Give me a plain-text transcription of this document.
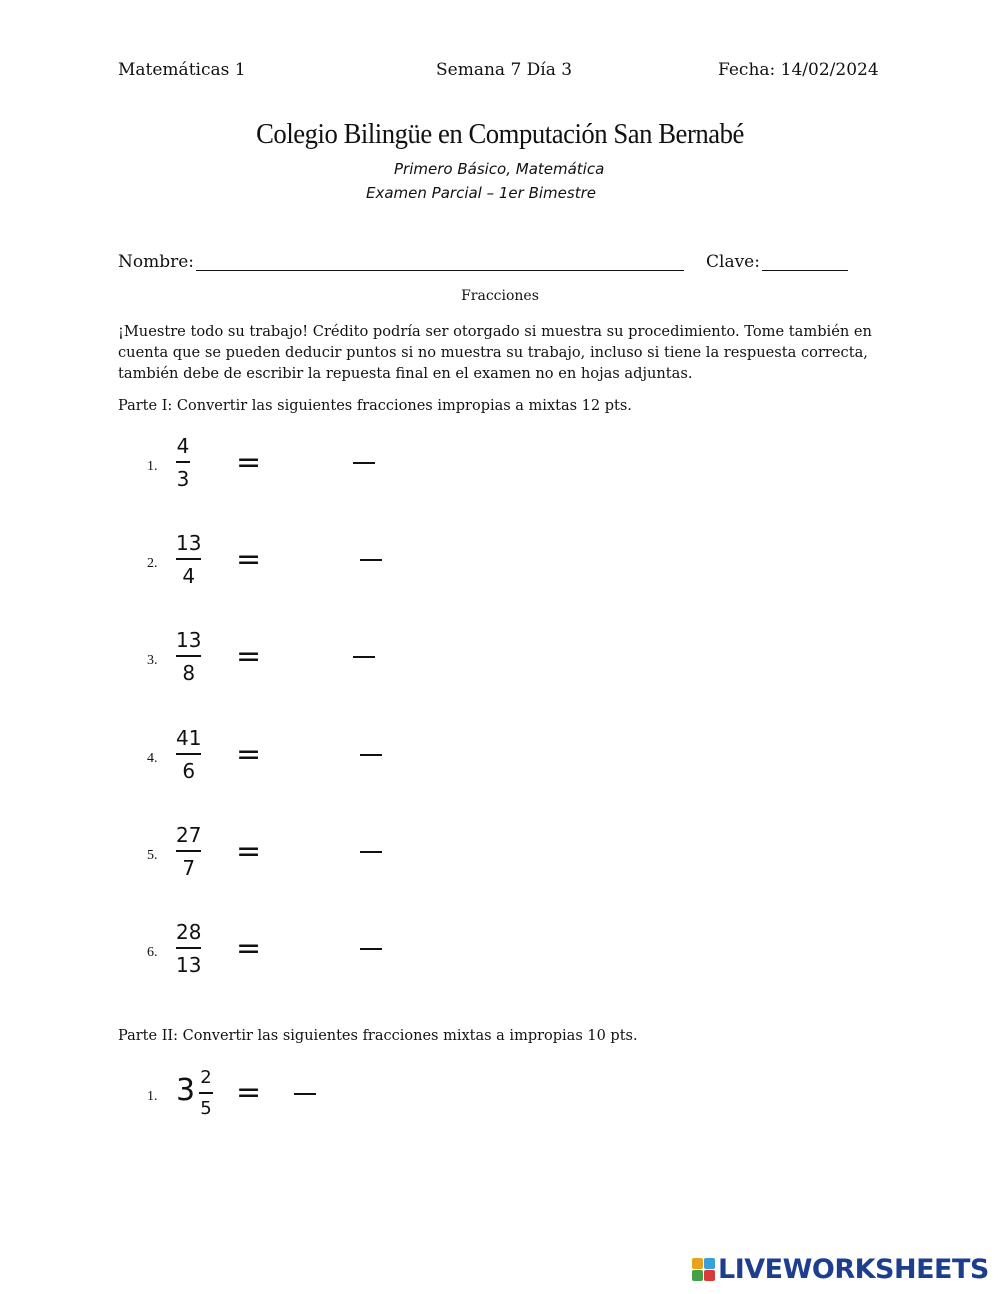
Matemáticas 1	Semana 7 Día 3	Fecha: 14/02/2024
Colegio Bilingüe en Computación San Bernabé
Primero Básico, Matemática
Examen Parcial – 1er Bimestre
Nombre:	Clave:
Fracciones
¡Muestre todo su trabajo! Crédito podría ser otorgado si muestra su procedimiento. Tome también en cuenta que se pueden deducir puntos si no muestra su trabajo, incluso si tiene la respuesta correcta, también debe de escribir la repuesta final en el examen no en hojas adjuntas.
Parte I: Convertir las siguientes fracciones impropias a mixtas 12 pts.
1.
4
3 =
2.
13
4 =
3.
13
8 =
4.
41
6 =
5.
27
7 =
6.
28
13 =
Parte II: Convertir las siguientes fracciones mixtas a impropias 10 pts.
1. 3 2
5 =
LIVEWORKSHEETS
